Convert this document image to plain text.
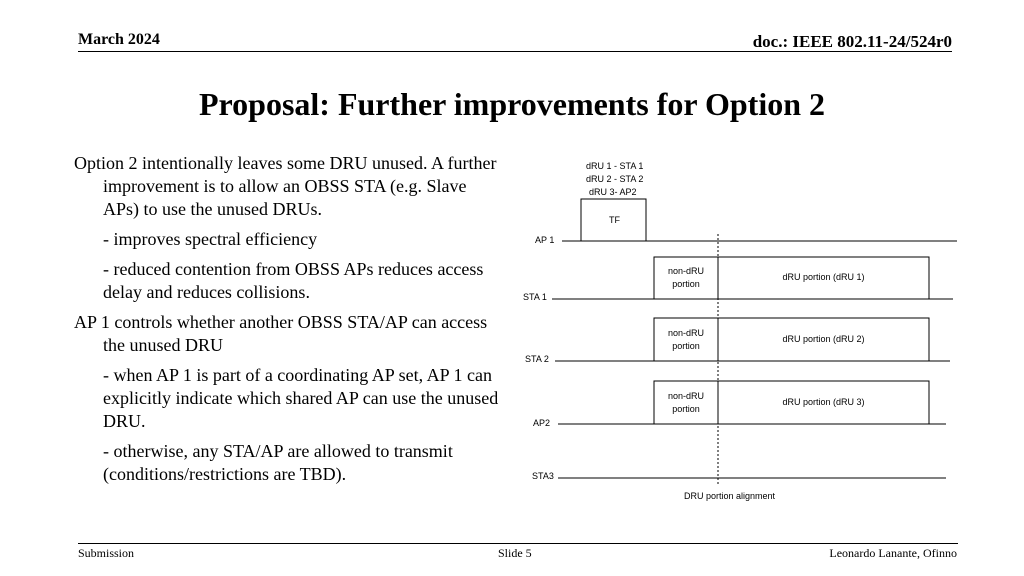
March 2024	doc.: IEEE 802.11-24/524r0
Proposal: Further improvements for Option 2

Option 2 intentionally leaves some DRU unused. A further improvement is to allow an OBSS STA (e.g. Slave APs) to use the unused DRUs.

- improves spectral efficiency

- reduced contention from OBSS APs reduces access delay and reduces collisions.

AP 1 controls whether another OBSS STA/AP can access the unused DRU

- when AP 1 is part of a coordinating AP set, AP 1 can explicitly indicate which shared AP can use the unused DRU.

- otherwise, any STA/AP are allowed to transmit (conditions/restrictions are TBD).

dRU 1 - STA 1
dRU 2 - STA 2
dRU 3- AP2
TF
AP 1
STA 1
STA 2
AP2
STA3
non-dRU portion
dRU portion (dRU 1)
non-dRU portion
dRU portion (dRU 2)
non-dRU portion
dRU portion (dRU 3)
DRU portion alignment
Submission	Slide 5	Leonardo Lanante, Ofinno
